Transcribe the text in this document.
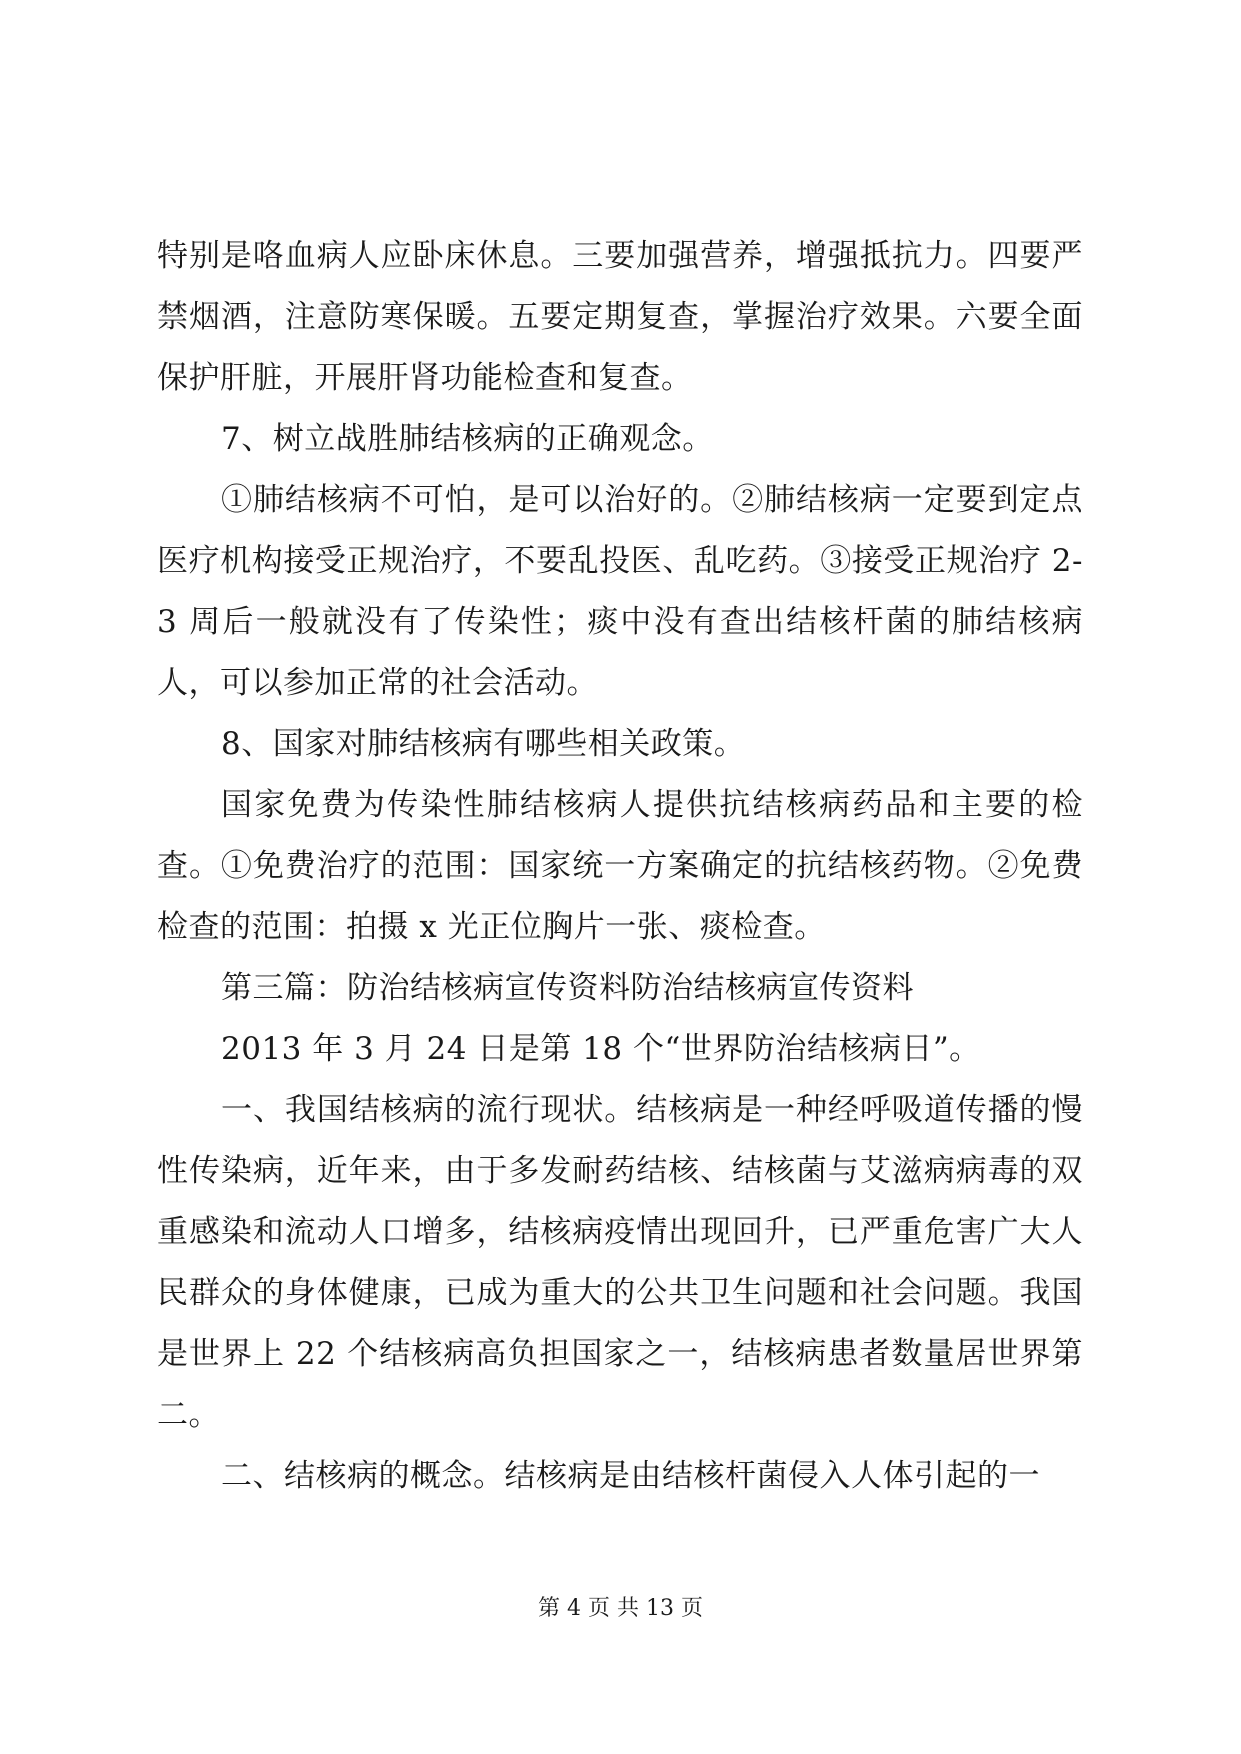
特别是咯血病人应卧床休息。三要加强营养，增强抵抗力。四要严禁烟酒，注意防寒保暖。五要定期复查，掌握治疗效果。六要全面保护肝脏，开展肝肾功能检查和复查。

7、树立战胜肺结核病的正确观念。

①肺结核病不可怕，是可以治好的。②肺结核病一定要到定点医疗机构接受正规治疗，不要乱投医、乱吃药。③接受正规治疗 2-3 周后一般就没有了传染性；痰中没有查出结核杆菌的肺结核病人，可以参加正常的社会活动。

8、国家对肺结核病有哪些相关政策。

国家免费为传染性肺结核病人提供抗结核病药品和主要的检查。①免费治疗的范围：国家统一方案确定的抗结核药物。②免费检查的范围：拍摄 x 光正位胸片一张、痰检查。

第三篇：防治结核病宣传资料防治结核病宣传资料

2013 年 3 月 24 日是第 18 个“世界防治结核病日”。

一、我国结核病的流行现状。结核病是一种经呼吸道传播的慢性传染病，近年来，由于多发耐药结核、结核菌与艾滋病病毒的双重感染和流动人口增多，结核病疫情出现回升，已严重危害广大人民群众的身体健康，已成为重大的公共卫生问题和社会问题。我国是世界上 22 个结核病高负担国家之一，结核病患者数量居世界第二。

二、结核病的概念。结核病是由结核杆菌侵入人体引起的一

第 4 页 共 13 页
